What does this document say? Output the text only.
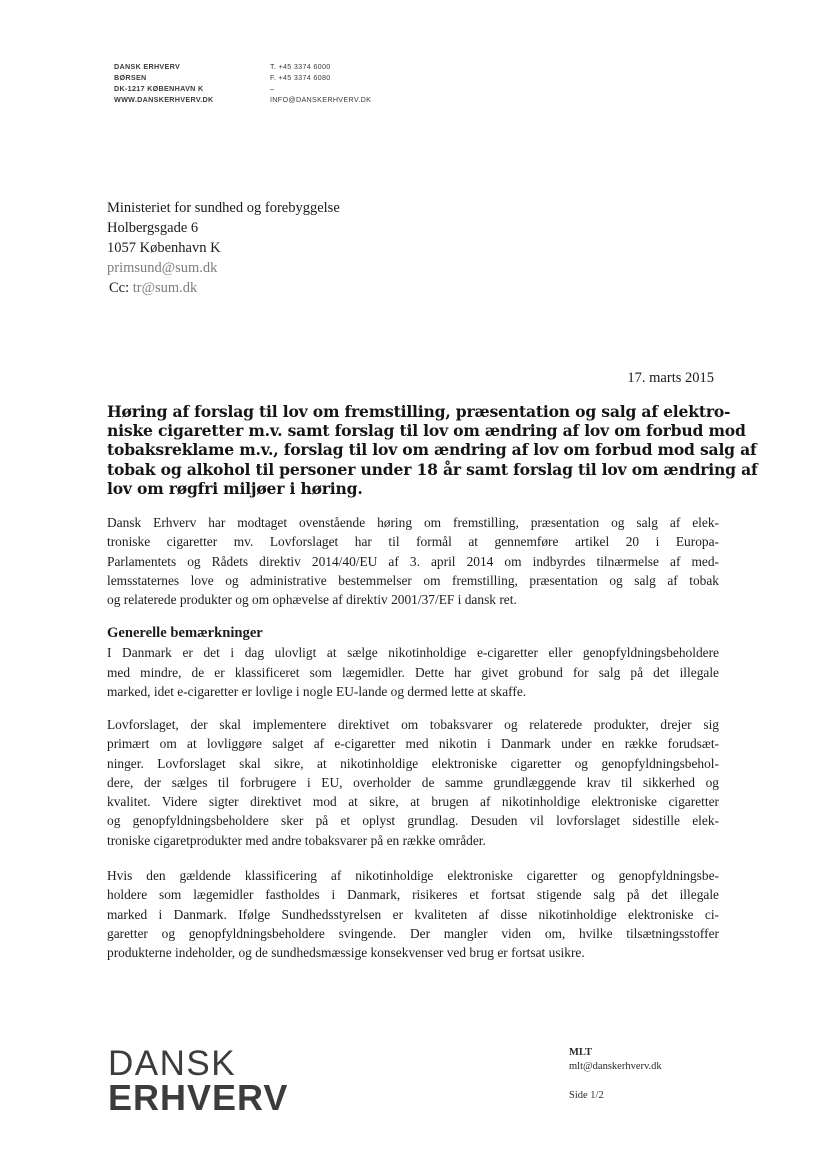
DANSK ERHVERV
BØRSEN
DK-1217 KØBENHAVN K
WWW.DANSKERHVERV.DK
T. +45 3374 6000
F. +45 3374 6080
–
INFO@DANSKERHVERV.DK
Ministeriet for sundhed og forebyggelse
Holbergsgade 6
1057 København K
primsund@sum.dk
Cc: tr@sum.dk
17. marts 2015
Høring af forslag til lov om fremstilling, præsentation og salg af elektro-
niske cigaretter m.v. samt forslag til lov om ændring af lov om forbud mod
tobaksreklame m.v., forslag til lov om ændring af lov om forbud mod salg af
tobak og alkohol til personer under 18 år samt forslag til lov om ændring af
lov om røgfri miljøer i høring.
Dansk Erhverv har modtaget ovenstående høring om fremstilling, præsentation og salg af elek-
troniske cigaretter mv. Lovforslaget har til formål at gennemføre artikel 20 i Europa-
Parlamentets og Rådets direktiv 2014/40/EU af 3. april 2014 om indbyrdes tilnærmelse af med-
lemsstaternes love og administrative bestemmelser om fremstilling, præsentation og salg af tobak
og relaterede produkter og om ophævelse af direktiv 2001/37/EF i dansk ret.
Generelle bemærkninger
I Danmark er det i dag ulovligt at sælge nikotinholdige e-cigaretter eller genopfyldningsbeholdere
med mindre, de er klassificeret som lægemidler. Dette har givet grobund for salg på det illegale
marked, idet e-cigaretter er lovlige i nogle EU-lande og dermed lette at skaffe.
Lovforslaget, der skal implementere direktivet om tobaksvarer og relaterede produkter, drejer sig
primært om at lovliggøre salget af e-cigaretter med nikotin i Danmark under en række forudsæt-
ninger. Lovforslaget skal sikre, at nikotinholdige elektroniske cigaretter og genopfyldningsbehol-
dere, der sælges til forbrugere i EU, overholder de samme grundlæggende krav til sikkerhed og
kvalitet. Videre sigter direktivet mod at sikre, at brugen af nikotinholdige elektroniske cigaretter
og genopfyldningsbeholdere sker på et oplyst grundlag. Desuden vil lovforslaget sidestille elek-
troniske cigaretprodukter med andre tobaksvarer på en række områder.
Hvis den gældende klassificering af nikotinholdige elektroniske cigaretter og genopfyldningsbe-
holdere som lægemidler fastholdes i Danmark, risikeres et fortsat stigende salg på det illegale
marked i Danmark. Ifølge Sundhedsstyrelsen er kvaliteten af disse nikotinholdige elektroniske ci-
garetter og genopfyldningsbeholdere svingende. Der mangler viden om, hvilke tilsætningsstoffer
produkterne indeholder, og de sundhedsmæssige konsekvenser ved brug er fortsat usikre.
DANSK
ERHVERV
MLT
mlt@danskerhverv.dk
Side 1/2
